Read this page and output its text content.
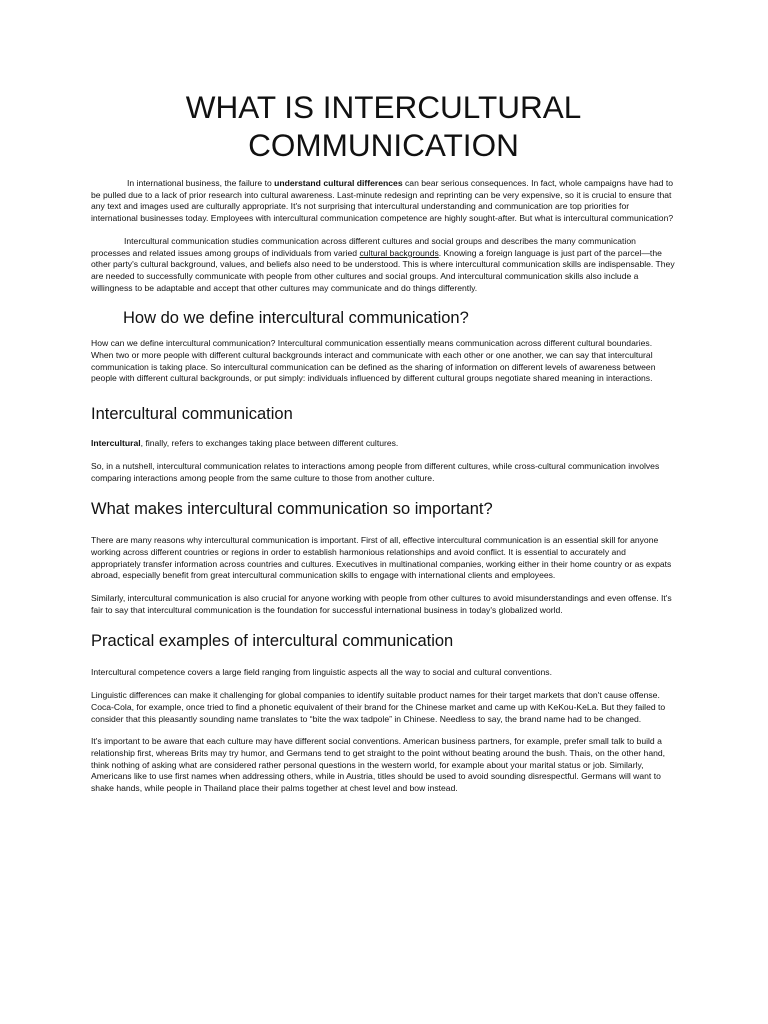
WHAT IS INTERCULTURAL
COMMUNICATION

In international business, the failure to understand cultural differences can bear serious consequences. In fact, whole campaigns have had to be pulled due to a lack of prior research into cultural awareness. Last-minute redesign and reprinting can be very expensive, so it is crucial to ensure that any text and images used are culturally appropriate. It's not surprising that intercultural understanding and communication are top priorities for international businesses today. Employees with intercultural communication competence are highly sought-after. But what is intercultural communication?

Intercultural communication studies communication across different cultures and social groups and describes the many communication processes and related issues among groups of individuals from varied cultural backgrounds. Knowing a foreign language is just part of the parcel—the other party's cultural background, values, and beliefs also need to be understood. This is where intercultural communication skills are indispensable. They are needed to successfully communicate with people from other cultures and social groups. And intercultural communication skills also include a willingness to be adaptable and accept that other cultures may communicate and do things differently.

How do we define intercultural communication?

How can we define intercultural communication? Intercultural communication essentially means communication across different cultural boundaries. When two or more people with different cultural backgrounds interact and communicate with each other or one another, we can say that intercultural communication is taking place. So intercultural communication can be defined as the sharing of information on different levels of awareness between people with different cultural backgrounds, or put simply: individuals influenced by different cultural groups negotiate shared meaning in interactions.

Intercultural communication

Intercultural, finally, refers to exchanges taking place between different cultures.

So, in a nutshell, intercultural communication relates to interactions among people from different cultures, while cross-cultural communication involves comparing interactions among people from the same culture to those from another culture.

What makes intercultural communication so important?

There are many reasons why intercultural communication is important. First of all, effective intercultural communication is an essential skill for anyone working across different countries or regions in order to establish harmonious relationships and avoid conflict. It is essential to accurately and appropriately transfer information across countries and cultures. Executives in multinational companies, working either in their home country or as expats abroad, especially benefit from great intercultural communication skills to engage with international clients and employees.

Similarly, intercultural communication is also crucial for anyone working with people from other cultures to avoid misunderstandings and even offense. It's fair to say that intercultural communication is the foundation for successful international business in today's globalized world.

Practical examples of intercultural communication

Intercultural competence covers a large field ranging from linguistic aspects all the way to social and cultural conventions.

Linguistic differences can make it challenging for global companies to identify suitable product names for their target markets that don't cause offense. Coca-Cola, for example, once tried to find a phonetic equivalent of their brand for the Chinese market and came up with KeKou-KeLa. But they failed to consider that this pleasantly sounding name translates to “bite the wax tadpole” in Chinese. Needless to say, the brand name had to be changed.

It's important to be aware that each culture may have different social conventions. American business partners, for example, prefer small talk to build a relationship first, whereas Brits may try humor, and Germans tend to get straight to the point without beating around the bush. Thais, on the other hand, think nothing of asking what are considered rather personal questions in the western world, for example about your marital status or job. Similarly, Americans like to use first names when addressing others, while in Austria, titles should be used to avoid sounding disrespectful. Germans will want to shake hands, while people in Thailand place their palms together at chest level and bow instead.
